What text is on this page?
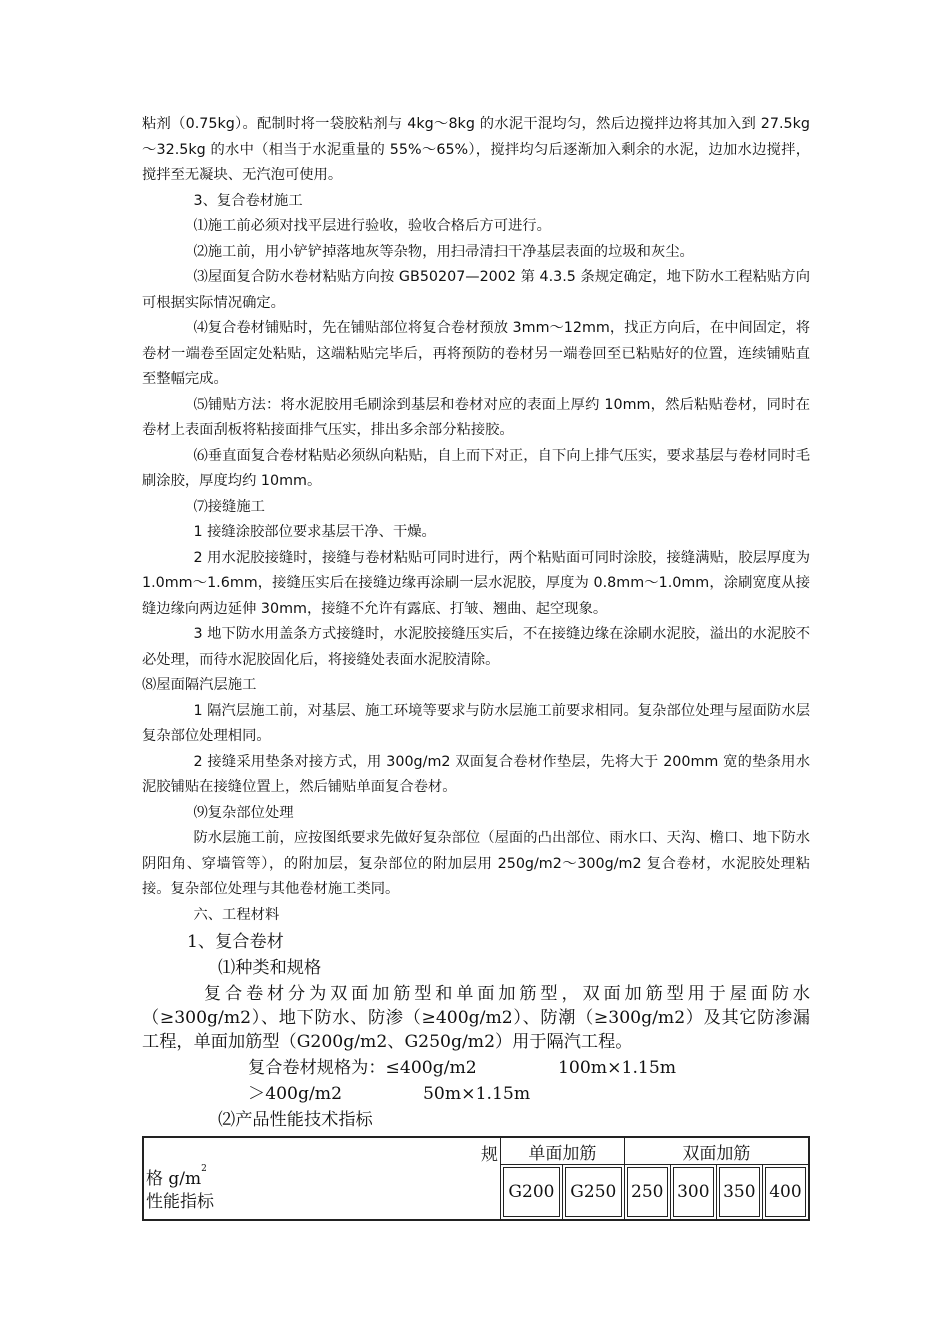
粘剂（0.75kg）。配制时将一袋胶粘剂与 4kg～8kg 的水泥干混均匀，然后边搅拌边将其加入到 27.5kg～32.5kg 的水中（相当于水泥重量的 55%～65%），搅拌均匀后逐渐加入剩余的水泥，边加水边搅拌，搅拌至无凝块、无汽泡可使用。

3、复合卷材施工

⑴施工前必须对找平层进行验收，验收合格后方可进行。

⑵施工前，用小铲铲掉落地灰等杂物，用扫帚清扫干净基层表面的垃圾和灰尘。

⑶屋面复合防水卷材粘贴方向按 GB50207—2002 第 4.3.5 条规定确定，地下防水工程粘贴方向可根据实际情况确定。

⑷复合卷材铺贴时，先在铺贴部位将复合卷材预放 3mm～12mm，找正方向后，在中间固定，将卷材一端卷至固定处粘贴，这端粘贴完毕后，再将预防的卷材另一端卷回至已粘贴好的位置，连续铺贴直至整幅完成。

⑸铺贴方法：将水泥胶用毛刷涂到基层和卷材对应的表面上厚约 10mm，然后粘贴卷材，同时在卷材上表面刮板将粘接面排气压实，排出多余部分粘接胶。

⑹垂直面复合卷材粘贴必须纵向粘贴，自上而下对正，自下向上排气压实，要求基层与卷材同时毛刷涂胶，厚度均约 10mm。

⑺接缝施工

1 接缝涂胶部位要求基层干净、干燥。

2 用水泥胶接缝时，接缝与卷材粘贴可同时进行，两个粘贴面可同时涂胶，接缝满贴，胶层厚度为 1.0mm～1.6mm，接缝压实后在接缝边缘再涂刷一层水泥胶，厚度为 0.8mm～1.0mm，涂刷宽度从接缝边缘向两边延伸 30mm，接缝不允许有露底、打皱、翘曲、起空现象。

3 地下防水用盖条方式接缝时，水泥胶接缝压实后，不在接缝边缘在涂刷水泥胶，溢出的水泥胶不必处理，而待水泥胶固化后，将接缝处表面水泥胶清除。

⑻屋面隔汽层施工

1 隔汽层施工前，对基层、施工环境等要求与防水层施工前要求相同。复杂部位处理与屋面防水层复杂部位处理相同。

2 接缝采用垫条对接方式，用 300g/m2 双面复合卷材作垫层，先将大于 200mm 宽的垫条用水泥胶铺贴在接缝位置上，然后铺贴单面复合卷材。

⑼复杂部位处理

防水层施工前，应按图纸要求先做好复杂部位（屋面的凸出部位、雨水口、天沟、檐口、地下防水阴阳角、穿墙管等），的附加层，复杂部位的附加层用 250g/m2～300g/m2 复合卷材，水泥胶处理粘接。复杂部位处理与其他卷材施工类同。

六、工程材料

1、复合卷材

⑴种类和规格

复合卷材分为双面加筋型和单面加筋型，双面加筋型用于屋面防水（≥300g/m2）、地下防水、防渗（≥400g/m2）、防潮（≥300g/m2）及其它防渗漏工程，单面加筋型（G200g/m2、G250g/m2）用于隔汽工程。

复合卷材规格为：≤400g/m2	100m×1.15m
＞400g/m2	50m×1.15m

⑵产品性能技术指标

规
格 $g/m^2$
性能指标	单面加筋		双面加筋			

	G200	G250	250	300	350	400
